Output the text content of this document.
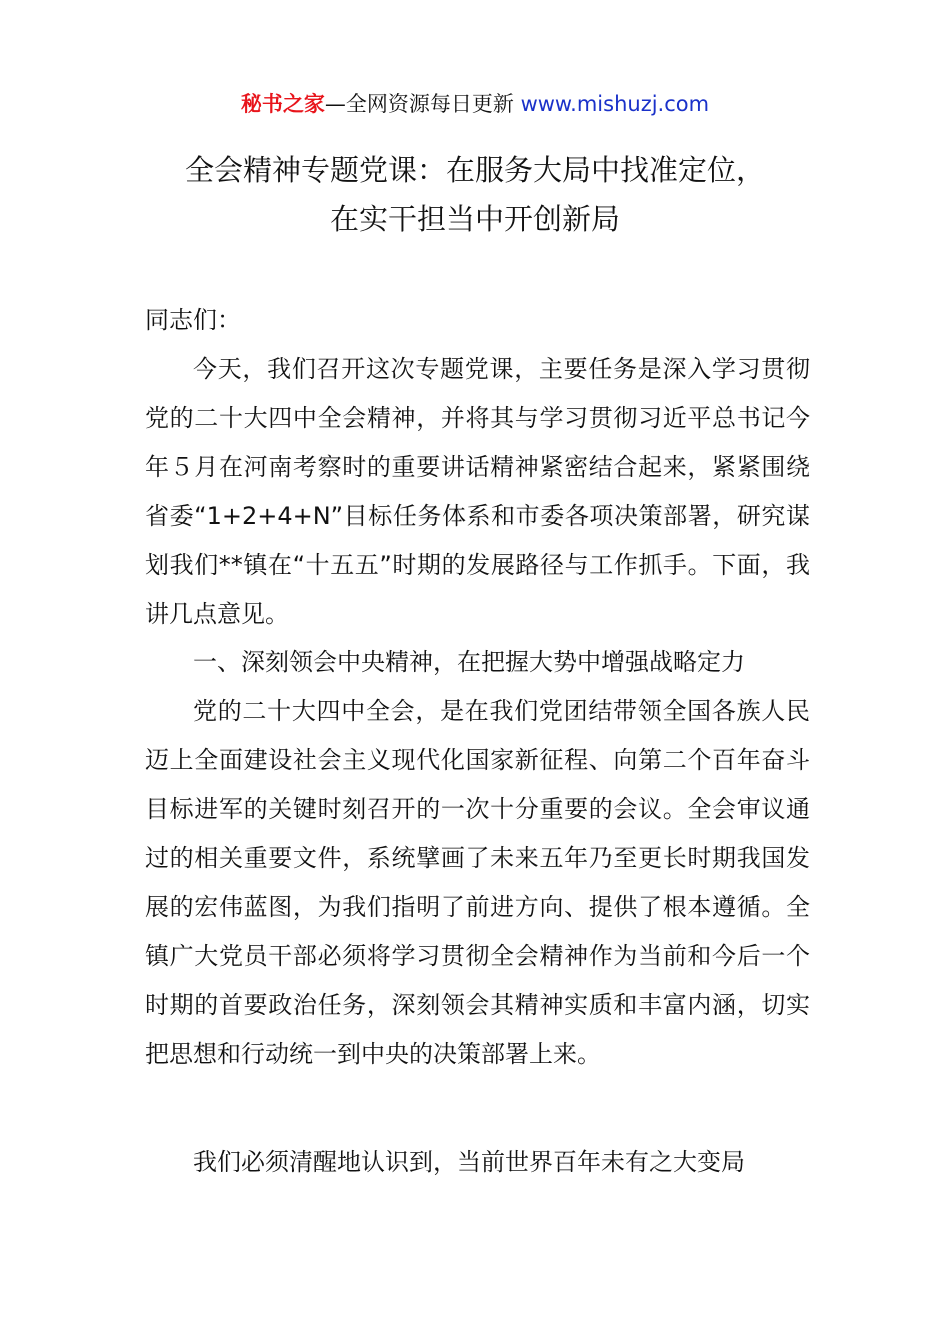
秘书之家—全网资源每日更新 www.mishuzj.com
全会精神专题党课：在服务大局中找准定位，
在实干担当中开创新局

同志们：

今天，我们召开这次专题党课，主要任务是深入学习贯彻党的二十大四中全会精神，并将其与学习贯彻习近平总书记今年５月在河南考察时的重要讲话精神紧密结合起来，紧紧围绕省委“1+2+4+N”目标任务体系和市委各项决策部署，研究谋划我们**镇在“十五五”时期的发展路径与工作抓手。下面，我讲几点意见。

一、深刻领会中央精神，在把握大势中增强战略定力

党的二十大四中全会，是在我们党团结带领全国各族人民迈上全面建设社会主义现代化国家新征程、向第二个百年奋斗目标进军的关键时刻召开的一次十分重要的会议。全会审议通过的相关重要文件，系统擘画了未来五年乃至更长时期我国发展的宏伟蓝图，为我们指明了前进方向、提供了根本遵循。全镇广大党员干部必须将学习贯彻全会精神作为当前和今后一个时期的首要政治任务，深刻领会其精神实质和丰富内涵，切实把思想和行动统一到中央的决策部署上来。

我们必须清醒地认识到，当前世界百年未有之大变局
